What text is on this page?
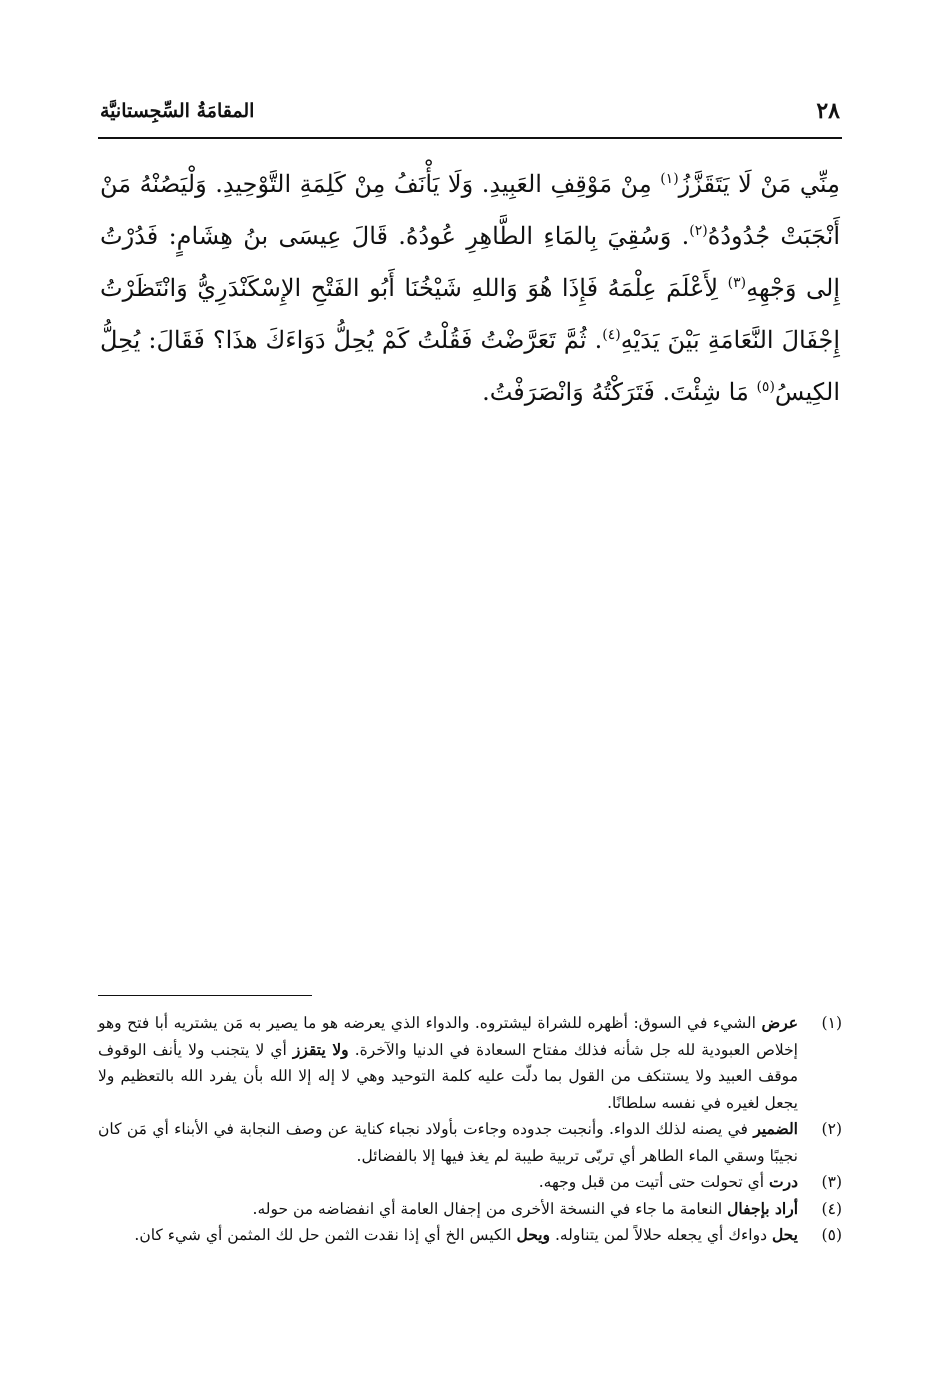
٢٨
المقامَةُ السِّجِستانيَّة

مِنِّي مَنْ لَا يَتَقَزَّزُ$^{(١)}$ مِنْ مَوْقِفِ العَبِيدِ. وَلَا يَأْنَفُ مِنْ كَلِمَةِ التَّوْحِيدِ. وَلْيَصُنْهُ مَنْ أَنْجَبَتْ جُدُودُهُ$^{(٢)}$. وَسُقِيَ بِالمَاءِ الطَّاهِرِ عُودُهُ. قَالَ عِيسَى بنُ هِشَامٍ: فَدُرْتُ إِلى وَجْهِهِ$^{(٣)}$ لِأَعْلَمَ عِلْمَهُ فَإِذَا هُوَ وَاللهِ شَيْخُنَا أَبُو الفَتْحِ الإِسْكَنْدَرِيُّ وَانْتَظَرْتُ إِجْفَالَ النَّعَامَةِ بَيْنَ يَدَيْهِ$^{(٤)}$. ثُمَّ تَعَرَّضْتُ فَقُلْتُ كَمْ يُحِلُّ دَوَاءَكَ هذَا؟ فَقَالَ: يُحِلُّ الكِيسُ$^{(٥)}$ مَا شِئْتَ. فَتَرَكْتُهُ وَانْصَرَفْتُ.

(١)
عرض الشيء في السوق: أظهره للشراة ليشتروه. والدواء الذي يعرضه هو ما يصير به مَن يشتريه أبا فتح وهو إخلاص العبودية لله جل شأنه فذلك مفتاح السعادة في الدنيا والآخرة. ولا يتقزز أي لا يتجنب ولا يأنف الوقوف موقف العبيد ولا يستنكف من القول بما دلّت عليه كلمة التوحيد وهي لا إله إلا الله بأن يفرد الله بالتعظيم ولا يجعل لغيره في نفسه سلطانًا.
(٢)
الضمير في يصنه لذلك الدواء. وأنجبت جدوده وجاءت بأولاد نجباء كناية عن وصف النجابة في الأبناء أي مَن كان نجيبًا وسقي الماء الطاهر أي تربّى تربية طيبة لم يغذ فيها إلا بالفضائل.
(٣)
درت أي تحولت حتى أتيت من قبل وجهه.
(٤)
أراد بإجفال النعامة ما جاء في النسخة الأخرى من إجفال العامة أي انفضاضه من حوله.
(٥)
يحل دواءك أي يجعله حلالاً لمن يتناوله. ويحل الكيس الخ أي إذا نقدت الثمن حل لك المثمن أي شيء كان.
